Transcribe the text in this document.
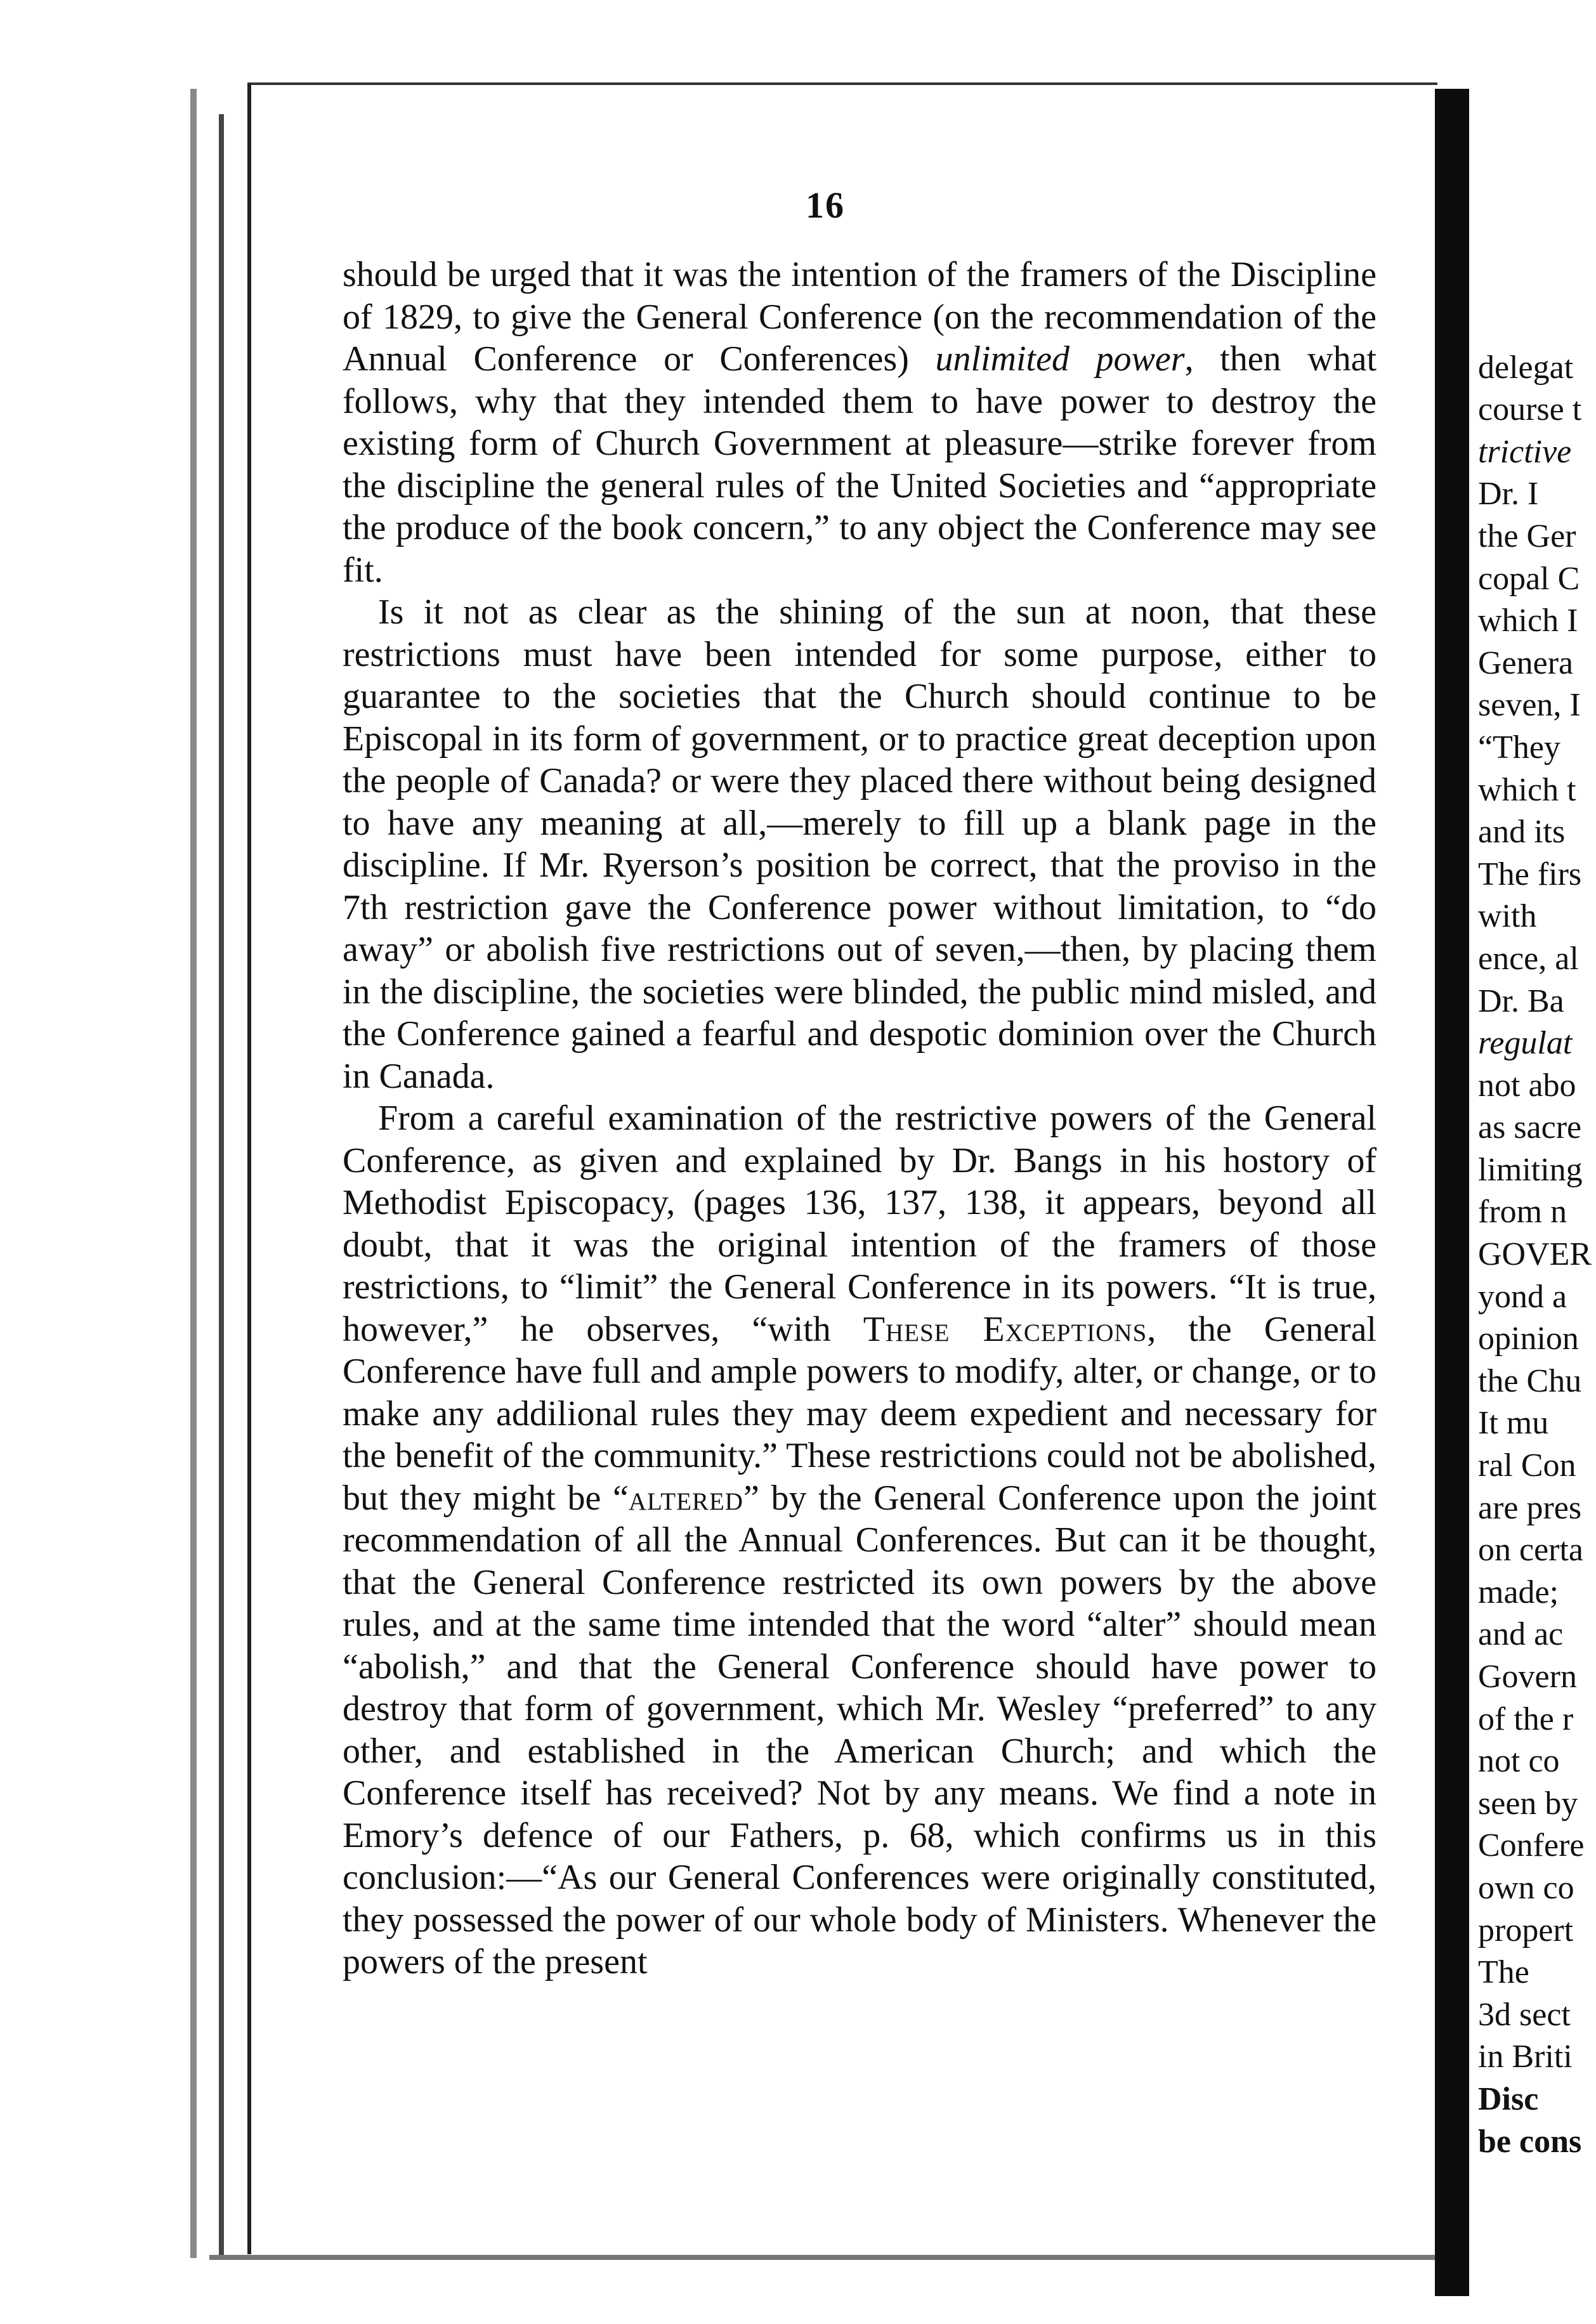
16

should be urged that it was the intention of the framers of the Discipline of 1829, to give the General Conference (on the recommendation of the Annual Conference or Conferences) unlimited power, then what follows, why that they intended them to have power to destroy the existing form of Church Government at pleasure—strike forever from the discipline the general rules of the United Societies and “appropriate the produce of the book concern,” to any object the Conference may see fit.

Is it not as clear as the shining of the sun at noon, that these restrictions must have been intended for some purpose, either to guarantee to the societies that the Church should continue to be Episcopal in its form of government, or to practice great deception upon the people of Canada? or were they placed there without being designed to have any meaning at all,—merely to fill up a blank page in the discipline. If Mr. Ryerson’s position be correct, that the proviso in the 7th restriction gave the Conference power without limitation, to “do away” or abolish five restrictions out of seven,—then, by placing them in the discipline, the societies were blinded, the public mind misled, and the Conference gained a fearful and despotic dominion over the Church in Canada.

From a careful examination of the restrictive powers of the General Conference, as given and explained by Dr. Bangs in his hostory of Methodist Episcopacy, (pages 136, 137, 138, it appears, beyond all doubt, that it was the original intention of the framers of those restrictions, to “limit” the General Conference in its powers. “It is true, however,” he observes, “with These Exceptions, the General Conference have full and ample powers to modify, alter, or change, or to make any addilional rules they may deem expedient and necessary for the benefit of the community.” These restrictions could not be abolished, but they might be “altered” by the General Conference upon the joint recommendation of all the Annual Conferences. But can it be thought, that the General Conference restricted its own powers by the above rules, and at the same time intended that the word “alter” should mean “abolish,” and that the General Conference should have power to destroy that form of government, which Mr. Wesley “preferred” to any other, and established in the American Church; and which the Conference itself has received? Not by any means. We find a note in Emory’s defence of our Fathers, p. 68, which confirms us in this conclusion:—“As our General Conferences were originally constituted, they possessed the power of our whole body of Ministers. Whenever the powers of the present

delegat
course t
trictive
Dr. I
the Ger
copal C
which I
Genera
seven, I
“They
which t
and its
The firs
with
ence, al
Dr. Ba
regulat
not abo
as sacre
limiting
from n
GOVER
yond a
opinion
the Chu
It mu
ral Con
are pres
on certa
made;
and ac
Govern
of the r
not co
seen by
Confere
own co
propert
The
3d sect
in Briti
Disc
be cons
